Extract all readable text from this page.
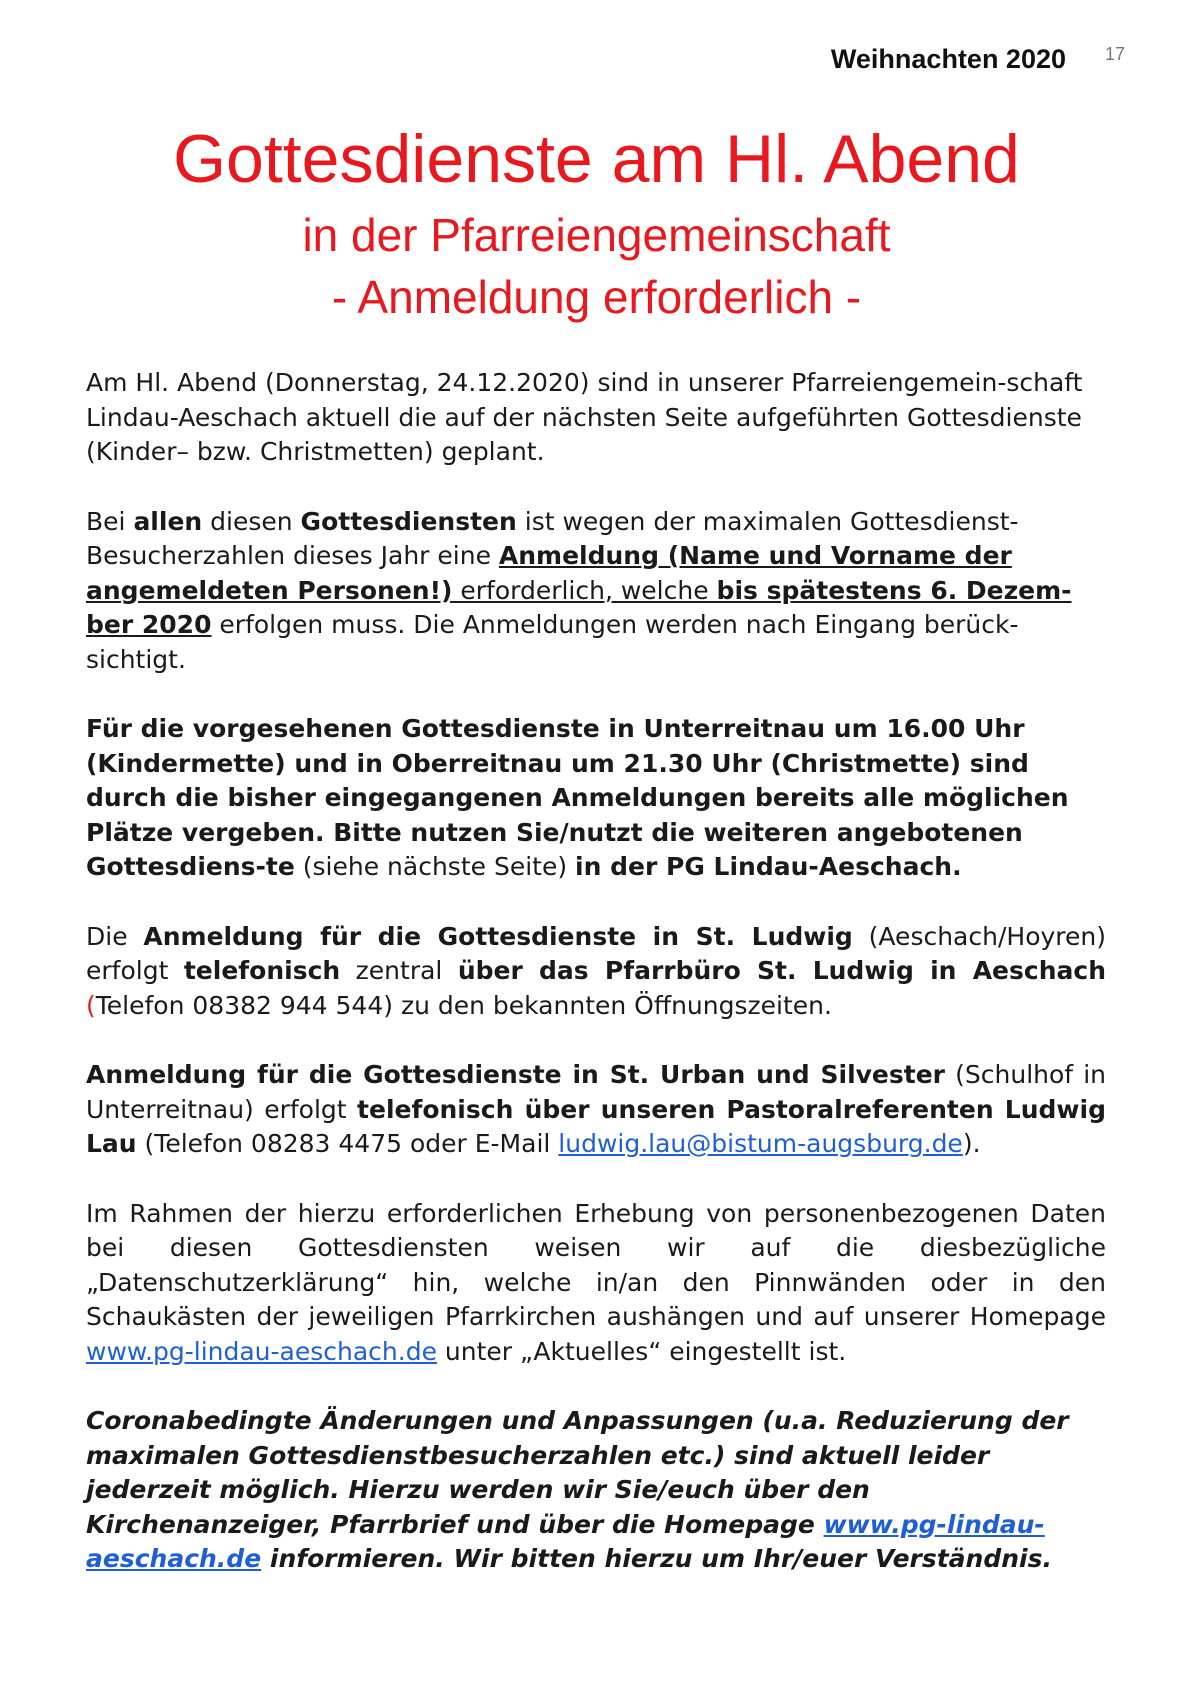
Weihnachten 2020 17
Gottesdienste am Hl. Abend
in der Pfarreiengemeinschaft
- Anmeldung erforderlich -

Am Hl. Abend (Donnerstag, 24.12.2020) sind in unserer Pfarreiengemein-schaft Lindau-Aeschach aktuell die auf der nächsten Seite aufgeführten Gottesdienste (Kinder– bzw. Christmetten) geplant.

Bei allen diesen Gottesdiensten ist wegen der maximalen Gottesdienst-Besucherzahlen dieses Jahr eine Anmeldung (Name und Vorname der angemeldeten Personen!) erforderlich, welche bis spätestens 6. Dezem-ber 2020 erfolgen muss. Die Anmeldungen werden nach Eingang berück-sichtigt.

Für die vorgesehenen Gottesdienste in Unterreitnau um 16.00 Uhr (Kindermette) und in Oberreitnau um 21.30 Uhr (Christmette) sind durch die bisher eingegangenen Anmeldungen bereits alle möglichen Plätze vergeben. Bitte nutzen Sie/nutzt die weiteren angebotenen Gottesdiens-te (siehe nächste Seite) in der PG Lindau-Aeschach.

Die Anmeldung für die Gottesdienste in St. Ludwig (Aeschach/Hoyren) erfolgt telefonisch zentral über das Pfarrbüro St. Ludwig in Aeschach (Telefon 08382 944 544) zu den bekannten Öffnungszeiten.

Anmeldung für die Gottesdienste in St. Urban und Silvester (Schulhof in Unterreitnau) erfolgt telefonisch über unseren Pastoralreferenten Ludwig Lau (Telefon 08283 4475 oder E-Mail ludwig.lau@bistum-augsburg.de).

Im Rahmen der hierzu erforderlichen Erhebung von personenbezogenen Daten bei diesen Gottesdiensten weisen wir auf die diesbezügliche „Datenschutzerklärung“ hin, welche in/an den Pinnwänden oder in den Schaukästen der jeweiligen Pfarrkirchen aushängen und auf unserer Homepage www.pg-lindau-aeschach.de unter „Aktuelles“ eingestellt ist.

Coronabedingte Änderungen und Anpassungen (u.a. Reduzierung der maximalen Gottesdienstbesucherzahlen etc.) sind aktuell leider jederzeit möglich. Hierzu werden wir Sie/euch über den Kirchenanzeiger, Pfarrbrief und über die Homepage www.pg-lindau-aeschach.de informieren. Wir bitten hierzu um Ihr/euer Verständnis.
